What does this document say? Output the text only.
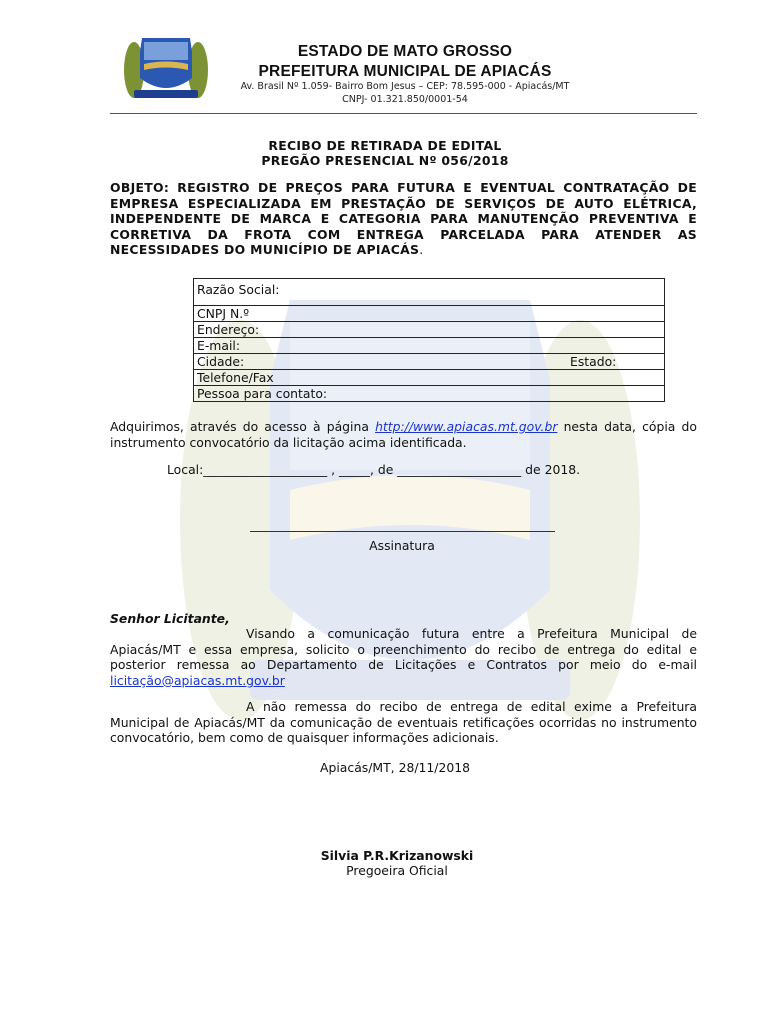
ESTADO DE MATO GROSSO
PREFEITURA MUNICIPAL DE APIACÁS
Av. Brasil Nº 1.059- Bairro Bom Jesus – CEP: 78.595-000 - Apiacás/MT
CNPJ- 01.321.850/0001-54
RECIBO DE RETIRADA DE EDITAL
PREGÃO PRESENCIAL Nº 056/2018
OBJETO: REGISTRO DE PREÇOS PARA FUTURA E EVENTUAL CONTRATAÇÃO DE EMPRESA ESPECIALIZADA EM PRESTAÇÃO DE SERVIÇOS DE AUTO ELÉTRICA, INDEPENDENTE DE MARCA E CATEGORIA PARA MANUTENÇÃO PREVENTIVA E CORRETIVA DA FROTA COM ENTREGA PARCELADA PARA ATENDER AS NECESSIDADES DO MUNICÍPIO DE APIACÁS.
Razão Social:
CNPJ N.º
Endereço:
E-mail:
Cidade:	Estado:
Telefone/Fax
Pessoa para contato:
Adquirimos, através do acesso à página http://www.apiacas.mt.gov.br nesta data, cópia do instrumento convocatório da licitação acima identificada.
Local:____________________ , _____, de ____________________ de 2018.
Assinatura
Senhor Licitante,
Visando a comunicação futura entre a Prefeitura Municipal de Apiacás/MT e essa empresa, solicito o preenchimento do recibo de entrega do edital e posterior remessa ao Departamento de Licitações e Contratos por meio do e-mail licitação@apiacas.mt.gov.br
A não remessa do recibo de entrega de edital exime a Prefeitura Municipal de Apiacás/MT da comunicação de eventuais retificações ocorridas no instrumento convocatório, bem como de quaisquer informações adicionais.
Apiacás/MT, 28/11/2018
Silvia P.R.Krizanowski
Pregoeira Oficial
